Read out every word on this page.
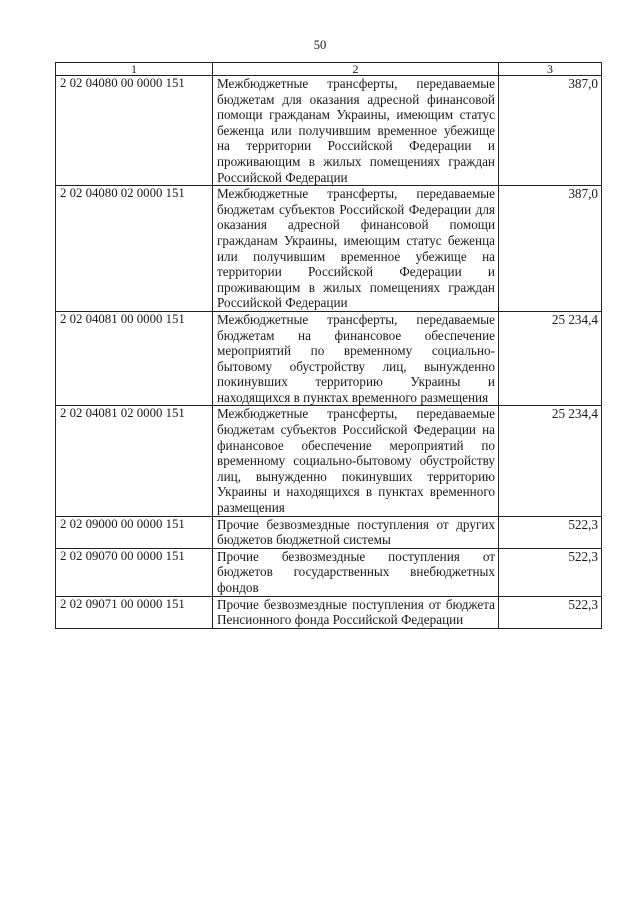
50
1	2	3
2 02 04080 00 0000 151	Межбюджетные трансферты, передаваемые бюджетам для оказания адресной финансовой помощи гражданам Украины, имеющим статус беженца или получившим временное убежище на территории Российской Федерации и проживающим в жилых помещениях граждан Российской Федерации	387,0
2 02 04080 02 0000 151	Межбюджетные трансферты, передаваемые бюджетам субъектов Российской Федерации для оказания адресной финансовой помощи гражданам Украины, имеющим статус беженца или получившим временное убежище на территории Российской Федерации и проживающим в жилых помещениях граждан Российской Федерации	387,0
2 02 04081 00 0000 151	Межбюджетные трансферты, передаваемые бюджетам на финансовое обеспечение мероприятий по временному социально-бытовому обустройству лиц, вынужденно покинувших территорию Украины и находящихся в пунктах временного размещения	25 234,4
2 02 04081 02 0000 151	Межбюджетные трансферты, передаваемые бюджетам субъектов Российской Федерации на финансовое обеспечение мероприятий по временному социально-бытовому обустройству лиц, вынужденно покинувших территорию Украины и находящихся в пунктах временного размещения	25 234,4
2 02 09000 00 0000 151	Прочие безвозмездные поступления от других бюджетов бюджетной системы	522,3
2 02 09070 00 0000 151	Прочие безвозмездные поступления от бюджетов государственных внебюджетных фондов	522,3
2 02 09071 00 0000 151	Прочие безвозмездные поступления от бюджета Пенсионного фонда Российской Федерации	522,3
